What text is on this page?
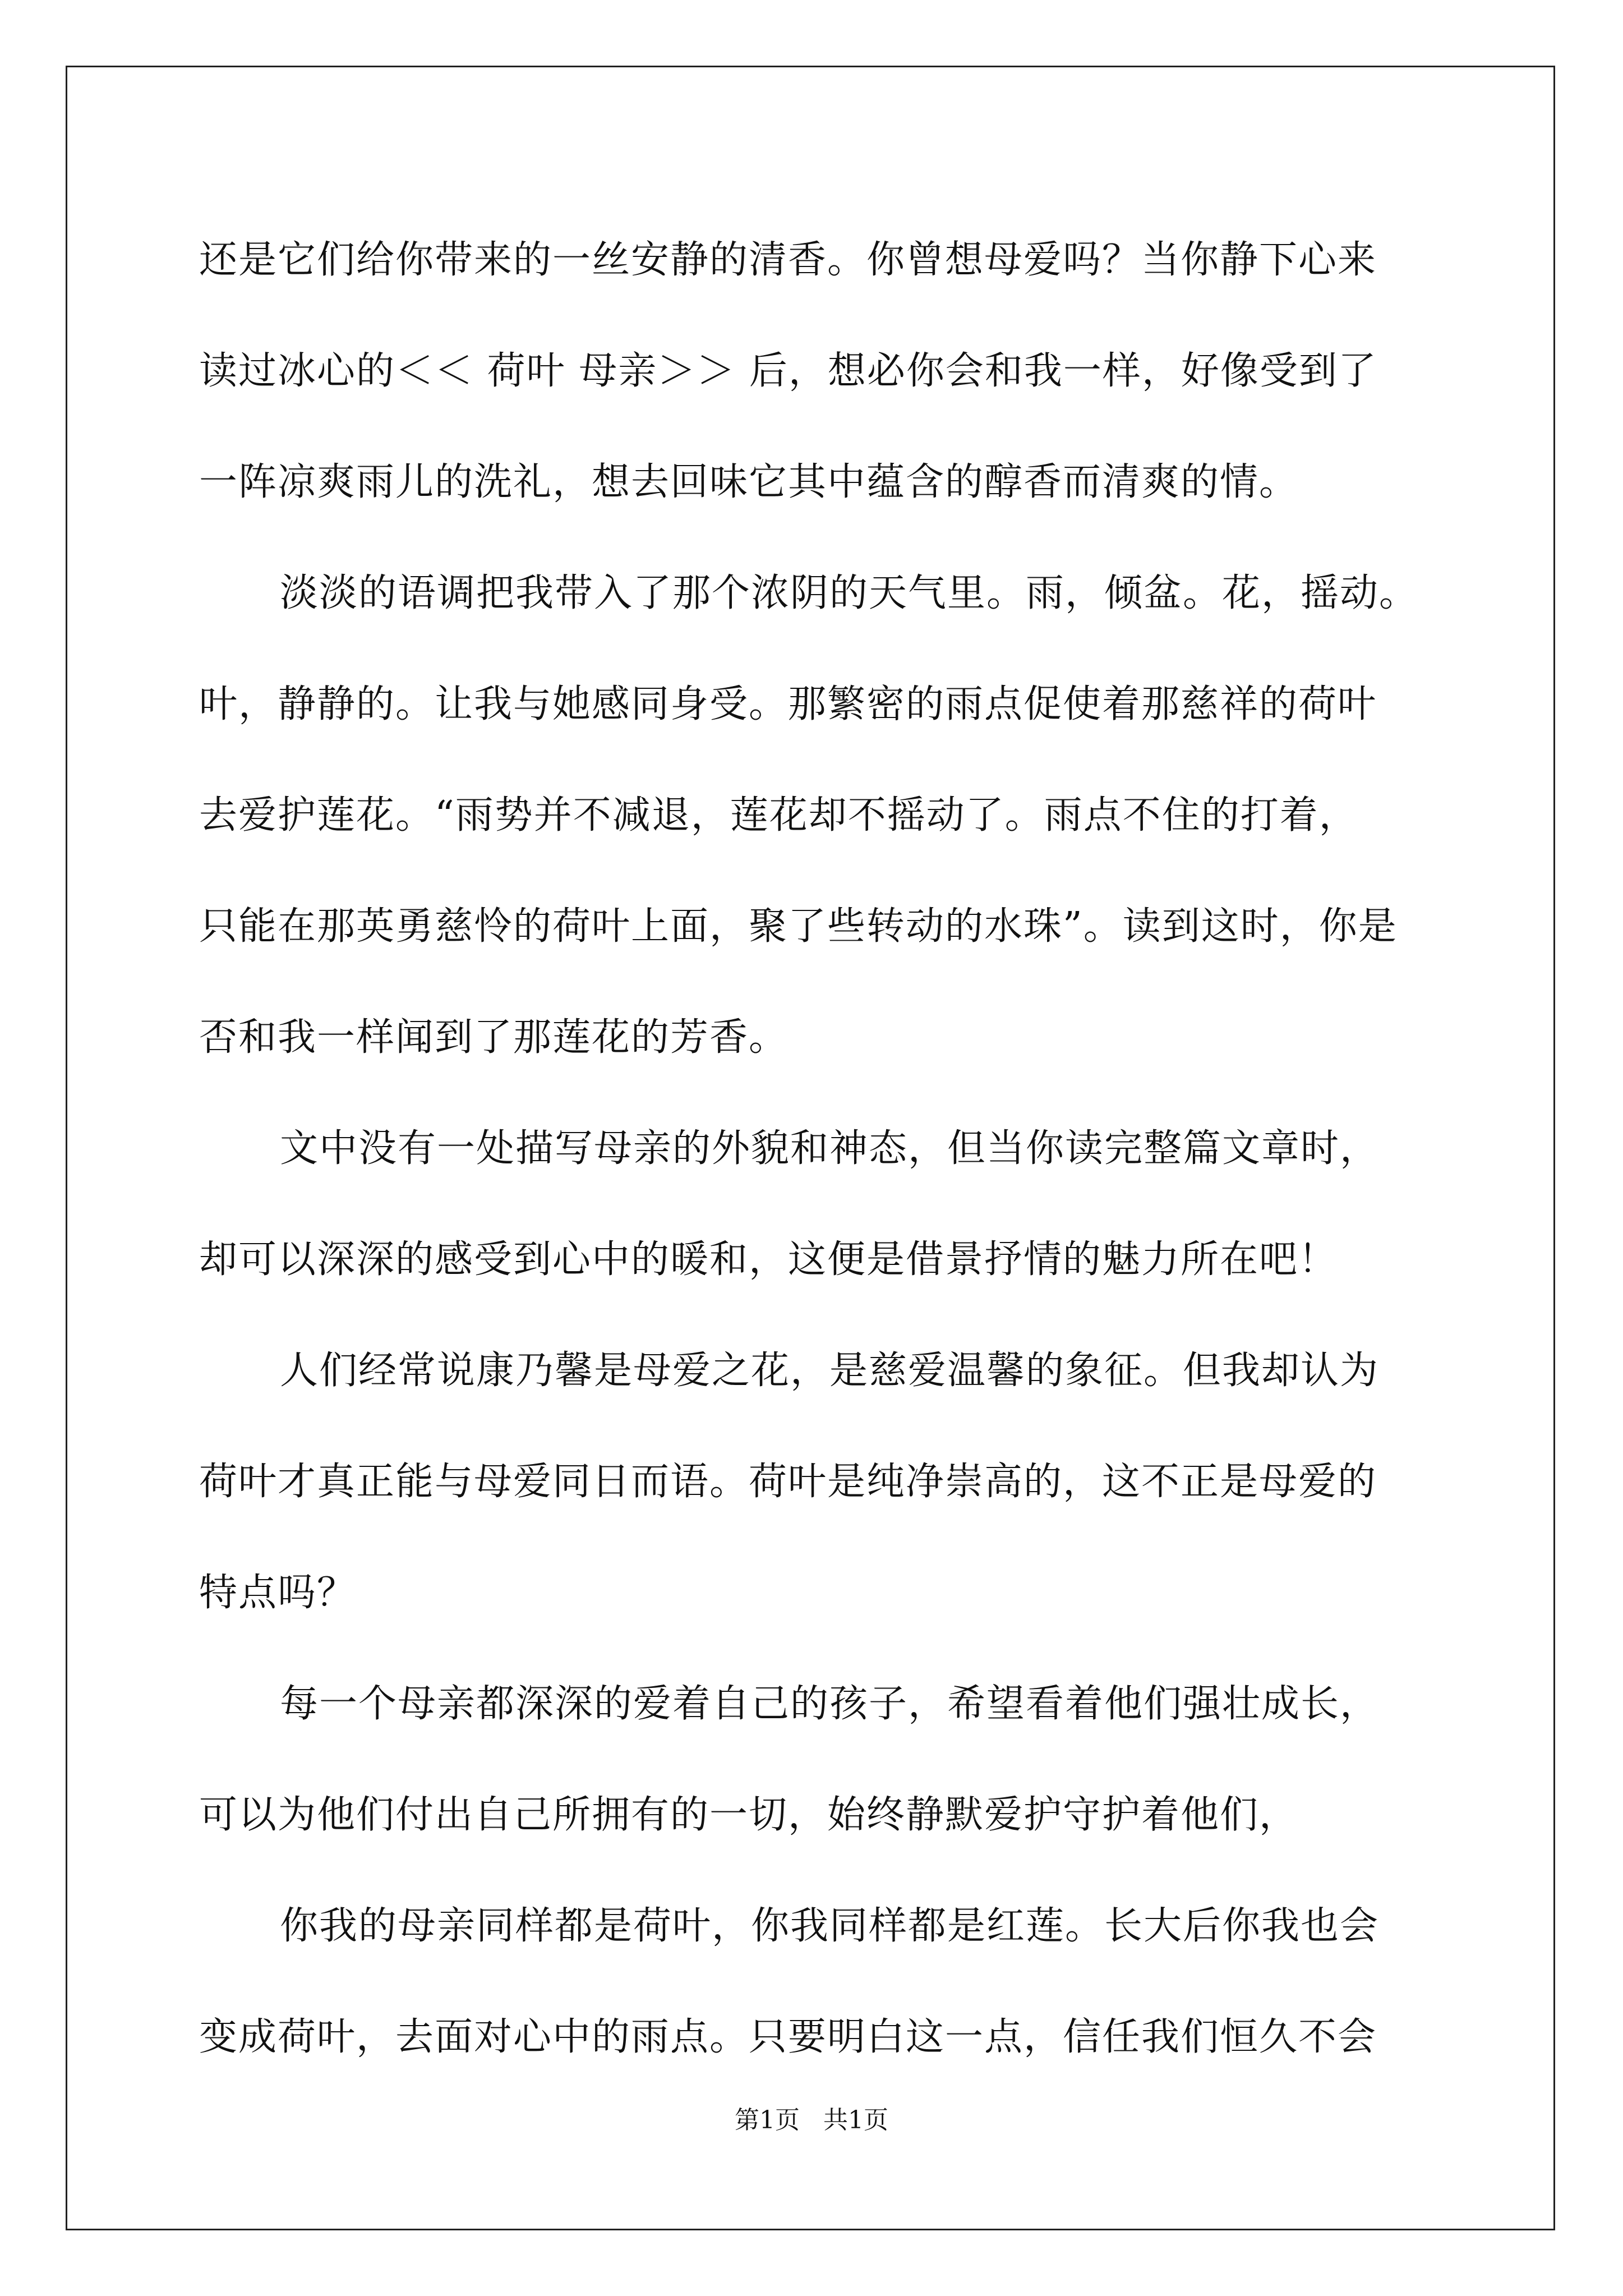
还是它们给你带来的一丝安静的清香。你曾想母爱吗？当你静下心来
读过冰心的＜＜ 荷叶 母亲＞＞ 后，想必你会和我一样，好像受到了
一阵凉爽雨儿的洗礼，想去回味它其中蕴含的醇香而清爽的情。
淡淡的语调把我带入了那个浓阴的天气里。雨，倾盆。花，摇动。
叶，静静的。让我与她感同身受。那繁密的雨点促使着那慈祥的荷叶
去爱护莲花。“雨势并不减退，莲花却不摇动了。雨点不住的打着，
只能在那英勇慈怜的荷叶上面，聚了些转动的水珠”。读到这时，你是
否和我一样闻到了那莲花的芳香。
文中没有一处描写母亲的外貌和神态，但当你读完整篇文章时，
却可以深深的感受到心中的暖和，这便是借景抒情的魅力所在吧！
人们经常说康乃馨是母爱之花，是慈爱温馨的象征。但我却认为
荷叶才真正能与母爱同日而语。荷叶是纯净崇高的，这不正是母爱的
特点吗？
每一个母亲都深深的爱着自己的孩子，希望看着他们强壮成长，
可以为他们付出自己所拥有的一切，始终静默爱护守护着他们，
你我的母亲同样都是荷叶，你我同样都是红莲。长大后你我也会
变成荷叶，去面对心中的雨点。只要明白这一点，信任我们恒久不会
第1页   共1页
